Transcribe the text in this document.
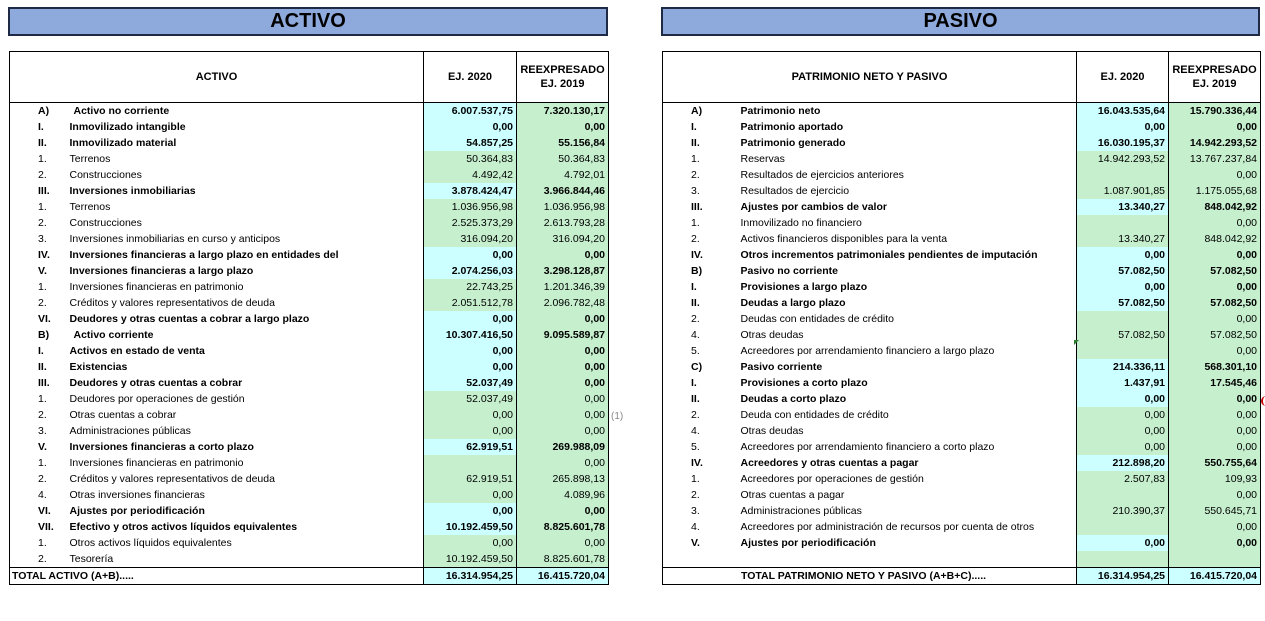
ACTIVO	PASIVO
ACTIVO		EJ. 2020	REEXPRESADO
EJ. 2019
A)	Activo no corriente	6.007.537,75	7.320.130,17
I.	Inmovilizado intangible	0,00	0,00
II.	Inmovilizado material	54.857,25	55.156,84
1.	Terrenos	50.364,83	50.364,83
2.	Construcciones	4.492,42	4.792,01
III.	Inversiones inmobiliarias	3.878.424,47	3.966.844,46
1.	Terrenos	1.036.956,98	1.036.956,98
2.	Construcciones	2.525.373,29	2.613.793,28
3.	Inversiones inmobiliarias en curso y anticipos	316.094,20	316.094,20
IV.	Inversiones financieras a largo plazo en entidades del	0,00	0,00
V.	Inversiones financieras a largo plazo	2.074.256,03	3.298.128,87
1.	Inversiones financieras en patrimonio	22.743,25	1.201.346,39
2.	Créditos y valores representativos de deuda	2.051.512,78	2.096.782,48
VI.	Deudores y otras cuentas a cobrar a largo plazo	0,00	0,00
B)	Activo corriente	10.307.416,50	9.095.589,87
I.	Activos en estado de venta	0,00	0,00
II.	Existencias	0,00	0,00
III.	Deudores y otras cuentas a cobrar	52.037,49	0,00
1.	Deudores por operaciones de gestión	52.037,49	0,00
2.	Otras cuentas a cobrar	0,00	0,00
3.	Administraciones públicas	0,00	0,00
V.	Inversiones financieras a corto plazo	62.919,51	269.988,09
1.	Inversiones financieras en patrimonio		0,00
2.	Créditos y valores representativos de deuda	62.919,51	265.898,13
4.	Otras inversiones financieras	0,00	4.089,96
VI.	Ajustes por periodificación	0,00	0,00
VII.	Efectivo y otros activos líquidos equivalentes	10.192.459,50	8.825.601,78
1.	Otros activos líquidos equivalentes	0,00	0,00
2.	Tesorería	10.192.459,50	8.825.601,78
TOTAL ACTIVO (A+B).....		16.314.954,25	16.415.720,04
PATRIMONIO NETO Y PASIVO		EJ. 2020	REEXPRESADO
EJ. 2019
A)	Patrimonio neto	16.043.535,64	15.790.336,44
I.	Patrimonio aportado	0,00	0,00
II.	Patrimonio generado	16.030.195,37	14.942.293,52
1.	Reservas	14.942.293,52	13.767.237,84
2.	Resultados de ejercicios anteriores		0,00
3.	Resultados de ejercicio	1.087.901,85	1.175.055,68
III.	Ajustes por cambios de valor	13.340,27	848.042,92
1.	Inmovilizado no financiero		0,00
2.	Activos financieros disponibles para la venta	13.340,27	848.042,92
IV.	Otros incrementos patrimoniales pendientes de imputación	0,00	0,00
B)	Pasivo no corriente	57.082,50	57.082,50
I.	Provisiones a largo plazo	0,00	0,00
II.	Deudas a largo plazo	57.082,50	57.082,50
2.	Deudas con entidades de crédito		0,00
4.	Otras deudas	57.082,50	57.082,50
5.	Acreedores por arrendamiento financiero a largo plazo		0,00
C)	Pasivo corriente	214.336,11	568.301,10
I.	Provisiones a corto plazo	1.437,91	17.545,46
II.	Deudas a corto plazo	0,00	0,00
2.	Deuda con entidades de crédito	0,00	0,00
4.	Otras deudas	0,00	0,00
5.	Acreedores por arrendamiento financiero a corto plazo	0,00	0,00
IV.	Acreedores y otras cuentas a pagar	212.898,20	550.755,64
1.	Acreedores por operaciones de gestión	2.507,83	109,93
2.	Otras cuentas a pagar		0,00
3.	Administraciones públicas	210.390,37	550.645,71
4.	Acreedores por administración de recursos por cuenta de otros		0,00
V.	Ajustes por periodificación	0,00	0,00

TOTAL PATRIMONIO NETO Y PASIVO (A+B+C).....		16.314.954,25	16.415.720,04
(1)
